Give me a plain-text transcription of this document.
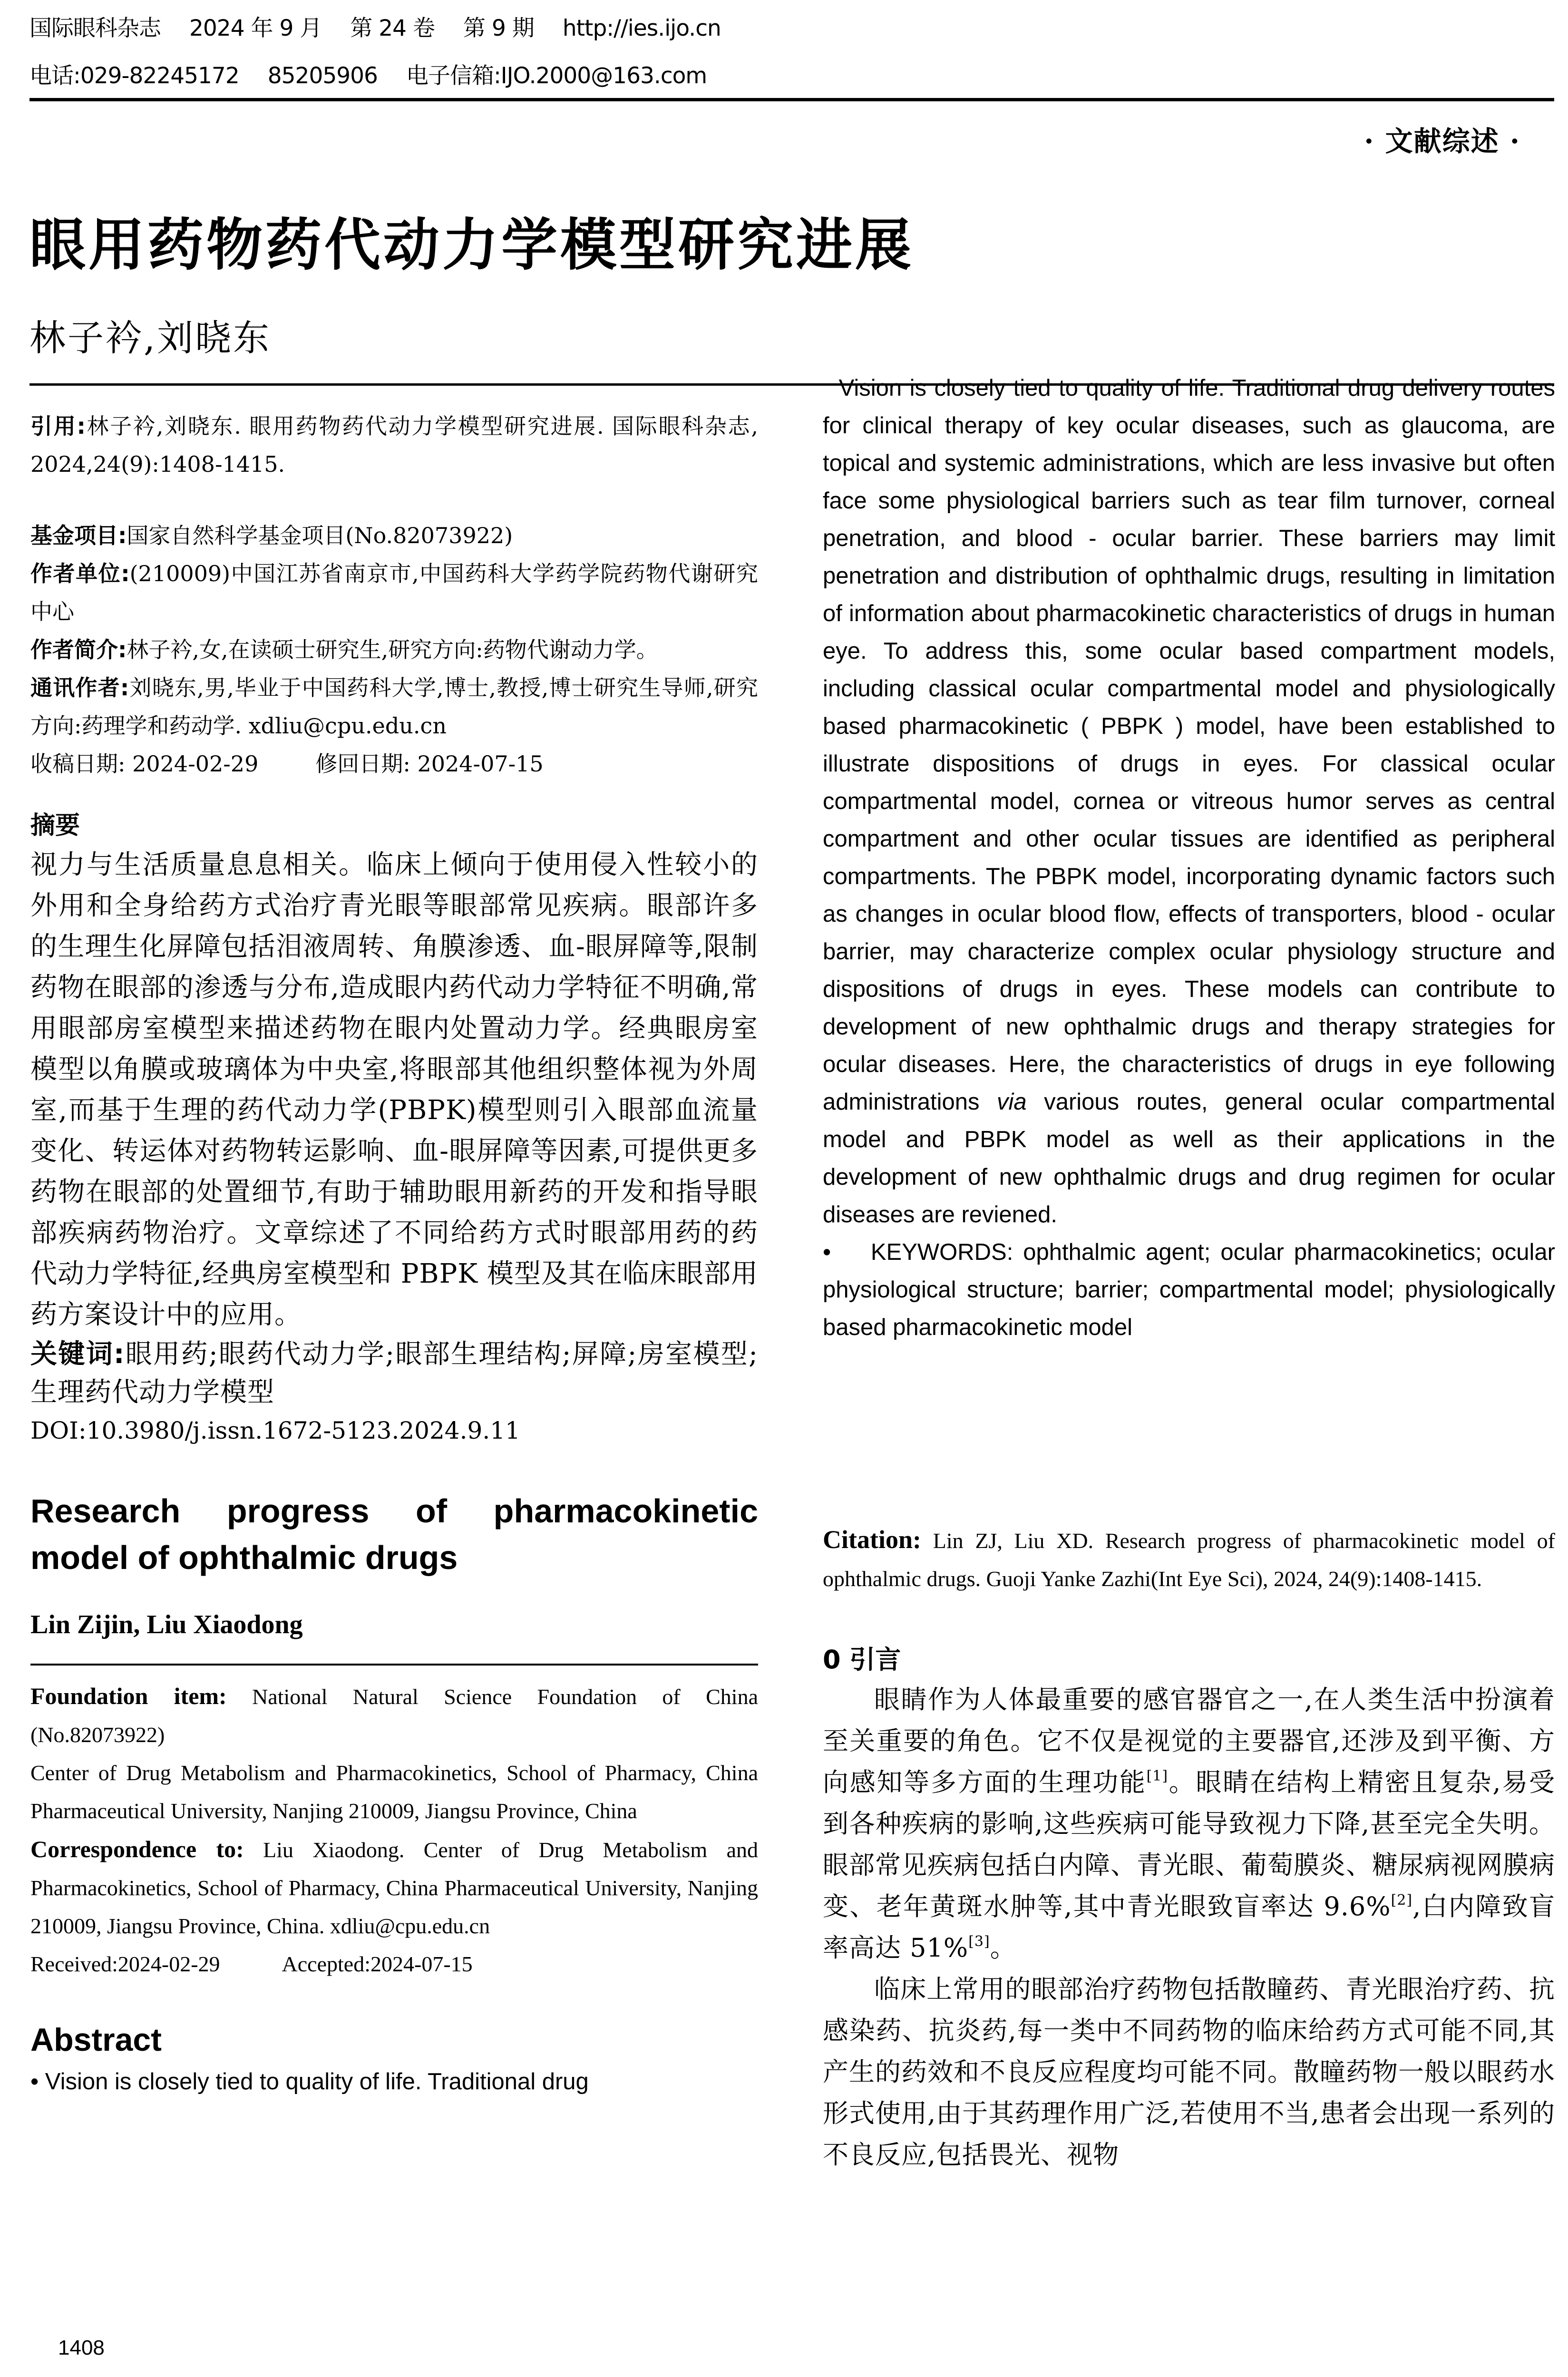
国际眼科杂志 2024 年 9 月 第 24 卷 第 9 期 http://ies.ijo.cn
电话:029-82245172 85205906 电子信箱:IJO.2000@163.com
· 文献综述 ·
眼用药物药代动力学模型研究进展
林子衿,刘晓东

引用:林子衿,刘晓东. 眼用药物药代动力学模型研究进展. 国际眼科杂志, 2024,24(9):1408-1415.

基金项目:国家自然科学基金项目(No.82073922)

作者单位:(210009)中国江苏省南京市,中国药科大学药学院药物代谢研究中心

作者简介:林子衿,女,在读硕士研究生,研究方向:药物代谢动力学。

通讯作者:刘晓东,男,毕业于中国药科大学,博士,教授,博士研究生导师,研究方向:药理学和药动学. xdliu@cpu.edu.cn

收稿日期: 2024-02-29	修回日期: 2024-07-15

摘要

视力与生活质量息息相关。临床上倾向于使用侵入性较小的外用和全身给药方式治疗青光眼等眼部常见疾病。眼部许多的生理生化屏障包括泪液周转、角膜渗透、血-眼屏障等,限制药物在眼部的渗透与分布,造成眼内药代动力学特征不明确,常用眼部房室模型来描述药物在眼内处置动力学。经典眼房室模型以角膜或玻璃体为中央室,将眼部其他组织整体视为外周室,而基于生理的药代动力学(PBPK)模型则引入眼部血流量变化、转运体对药物转运影响、血-眼屏障等因素,可提供更多药物在眼部的处置细节,有助于辅助眼用新药的开发和指导眼部疾病药物治疗。文章综述了不同给药方式时眼部用药的药代动力学特征,经典房室模型和 PBPK 模型及其在临床眼部用药方案设计中的应用。

关键词:眼用药;眼药代动力学;眼部生理结构;屏障;房室模型;生理药代动力学模型

DOI:10.3980/j.issn.1672-5123.2024.9.11

Research progress of pharmacokinetic

model of ophthalmic drugs

Lin Zijin, Liu Xiaodong

Foundation item: National Natural Science Foundation of China (No.82073922)

Center of Drug Metabolism and Pharmacokinetics, School of Pharmacy, China Pharmaceutical University, Nanjing 210009, Jiangsu Province, China

Correspondence to: Liu Xiaodong. Center of Drug Metabolism and Pharmacokinetics, School of Pharmacy, China Pharmaceutical University, Nanjing 210009, Jiangsu Province, China. xdliu@cpu.edu.cn

Received:2024-02-29	Accepted:2024-07-15

Abstract

• Vision is closely tied to quality of life. Traditional drug

Vision is closely tied to quality of life. Traditional drug delivery routes for clinical therapy of key ocular diseases, such as glaucoma, are topical and systemic administrations, which are less invasive but often face some physiological barriers such as tear film turnover, corneal penetration, and blood - ocular barrier. These barriers may limit penetration and distribution of ophthalmic drugs, resulting in limitation of information about pharmacokinetic characteristics of drugs in human eye. To address this, some ocular based compartment models, including classical ocular compartmental model and physiologically based pharmacokinetic ( PBPK ) model, have been established to illustrate dispositions of drugs in eyes. For classical ocular compartmental model, cornea or vitreous humor serves as central compartment and other ocular tissues are identified as peripheral compartments. The PBPK model, incorporating dynamic factors such as changes in ocular blood flow, effects of transporters, blood - ocular barrier, may characterize complex ocular physiology structure and dispositions of drugs in eyes. These models can contribute to development of new ophthalmic drugs and therapy strategies for ocular diseases. Here, the characteristics of drugs in eye following administrations via various routes, general ocular compartmental model and PBPK model as well as their applications in the development of new ophthalmic drugs and drug regimen for ocular diseases are reviened.

• KEYWORDS: ophthalmic agent; ocular pharmacokinetics; ocular physiological structure; barrier; compartmental model; physiologically based pharmacokinetic model

Citation: Lin ZJ, Liu XD. Research progress of pharmacokinetic model of ophthalmic drugs. Guoji Yanke Zazhi(Int Eye Sci), 2024, 24(9):1408-1415.

0 引言

眼睛作为人体最重要的感官器官之一,在人类生活中扮演着至关重要的角色。它不仅是视觉的主要器官,还涉及到平衡、方向感知等多方面的生理功能[1]。眼睛在结构上精密且复杂,易受到各种疾病的影响,这些疾病可能导致视力下降,甚至完全失明。眼部常见疾病包括白内障、青光眼、葡萄膜炎、糖尿病视网膜病变、老年黄斑水肿等,其中青光眼致盲率达 9.6%[2],白内障致盲率高达 51%[3]。

临床上常用的眼部治疗药物包括散瞳药、青光眼治疗药、抗感染药、抗炎药,每一类中不同药物的临床给药方式可能不同,其产生的药效和不良反应程度均可能不同。散瞳药物一般以眼药水形式使用,由于其药理作用广泛,若使用不当,患者会出现一系列的不良反应,包括畏光、视物

1408
